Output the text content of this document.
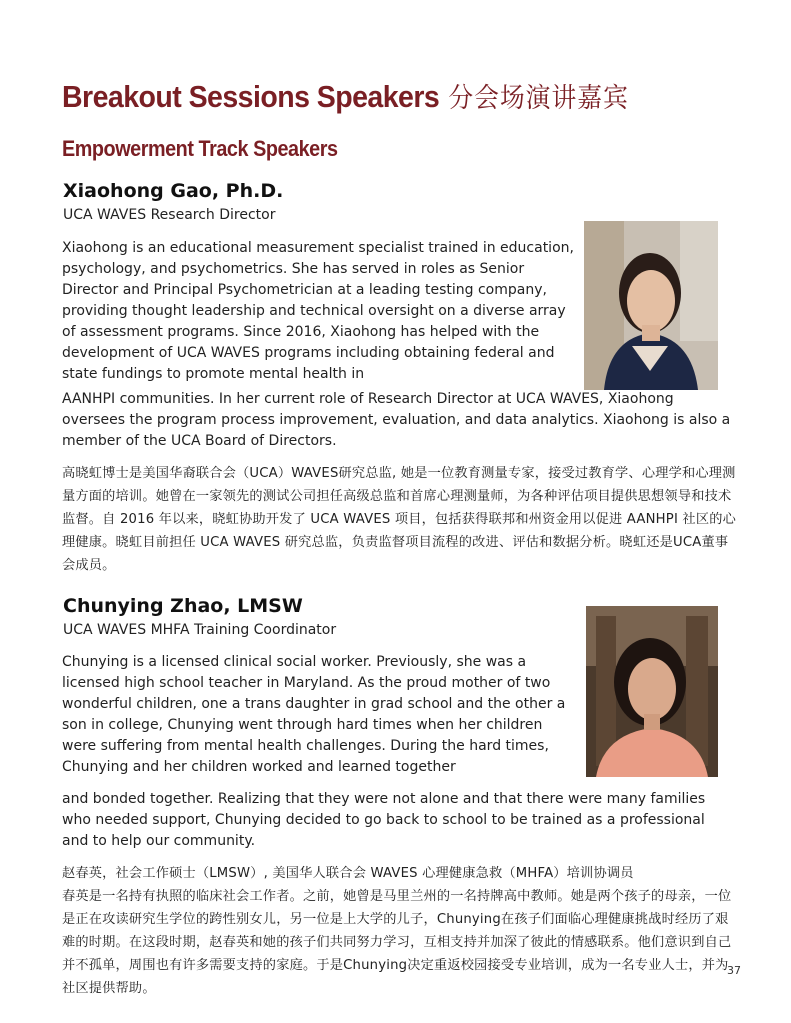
Breakout Sessions Speakers 分会场演讲嘉宾
Empowerment Track Speakers
Xiaohong Gao, Ph.D.

UCA WAVES Research Director

Xiaohong is an educational measurement specialist trained in education, psychology, and psychometrics. She has served in roles as Senior Director and Principal Psychometrician at a leading testing company, providing thought leadership and technical oversight on a diverse array of assessment programs. Since 2016, Xiaohong has helped with the development of UCA WAVES programs including obtaining federal and state fundings to promote mental health in

AANHPI communities. In her current role of Research Director at UCA WAVES, Xiaohong oversees the program process improvement, evaluation, and data analytics. Xiaohong is also a member of the UCA Board of Directors.

高晓虹博士是美国华裔联合会（UCA）WAVES研究总监, 她是一位教育测量专家，接受过教育学、心理学和心理测量方面的培训。她曾在一家领先的测试公司担任高级总监和首席心理测量师，为各种评估项目提供思想领导和技术监督。自 2016 年以来，晓虹协助开发了 UCA WAVES 项目，包括获得联邦和州资金用以促进 AANHPI 社区的心理健康。晓虹目前担任 UCA WAVES 研究总监，负责监督项目流程的改进、评估和数据分析。晓虹还是UCA董事会成员。

Chunying Zhao, LMSW

UCA WAVES MHFA Training Coordinator

Chunying is a licensed clinical social worker. Previously, she was a licensed high school teacher in Maryland. As the proud mother of two wonderful children, one a trans daughter in grad school and the other a son in college, Chunying went through hard times when her children were suffering from mental health challenges. During the hard times, Chunying and her children worked and learned together

and bonded together. Realizing that they were not alone and that there were many families who needed support, Chunying decided to go back to school to be trained as a professional and to help our community.

赵春英，社会工作硕士（LMSW）, 美国华人联合会 WAVES 心理健康急救（MHFA）培训协调员

春英是一名持有执照的临床社会工作者。之前，她曾是马里兰州的一名持牌高中教师。她是两个孩子的母亲，一位是正在攻读研究生学位的跨性别女儿，另一位是上大学的儿子，Chunying在孩子们面临心理健康挑战时经历了艰难的时期。在这段时期，赵春英和她的孩子们共同努力学习，互相支持并加深了彼此的情感联系。他们意识到自己并不孤单，周围也有许多需要支持的家庭。于是Chunying决定重返校园接受专业培训，成为一名专业人士，并为社区提供帮助。

37
